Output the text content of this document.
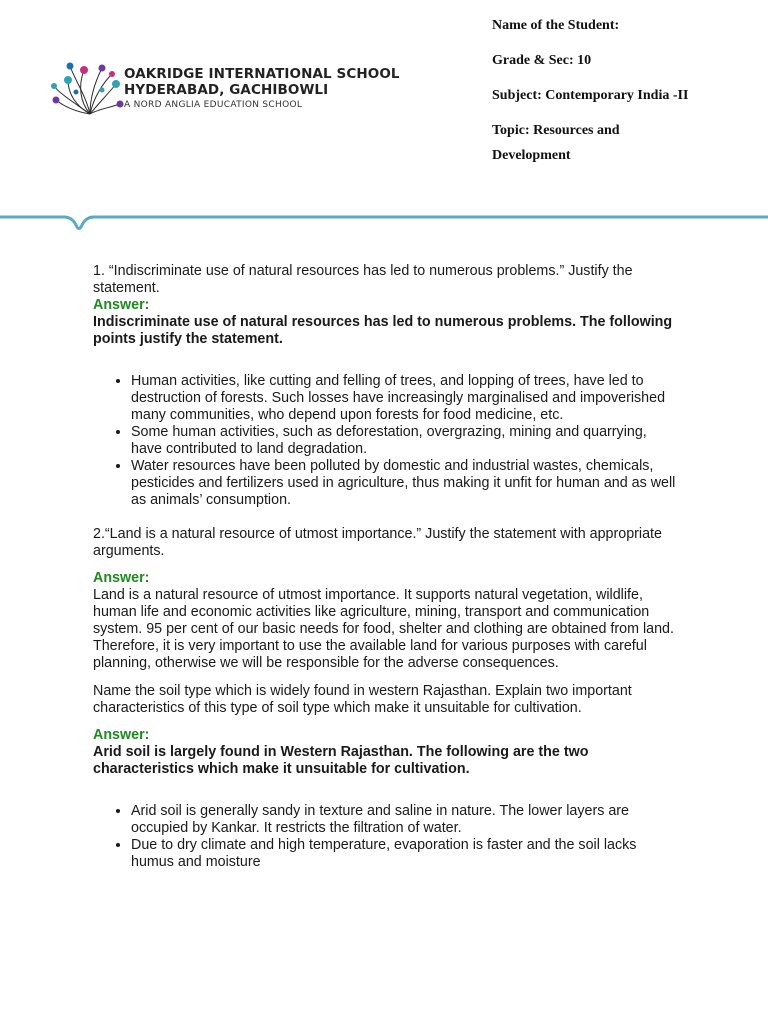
OAKRIDGE INTERNATIONAL SCHOOL
HYDERABAD, GACHIBOWLI
A NORD ANGLIA EDUCATION SCHOOL
Name of the Student:
Grade & Sec: 10
Subject: Contemporary India -II
Topic: Resources and
Development

1. “Indiscriminate use of natural resources has led to numerous problems.” Justify the statement.

Answer:

Indiscriminate use of natural resources has led to numerous problems. The following points justify the statement.

• Human activities, like cutting and felling of trees, and lopping of trees, have led to destruction of forests. Such losses have increasingly marginalised and impoverished many communities, who depend upon forests for food medicine, etc.
• Some human activities, such as deforestation, overgrazing, mining and quarrying, have contributed to land degradation.
• Water resources have been polluted by domestic and industrial wastes, chemicals, pesticides and fertilizers used in agriculture, thus making it unfit for human and as well as animals’ consumption.

2.“Land is a natural resource of utmost importance.” Justify the statement with appropriate arguments.

Answer:

Land is a natural resource of utmost importance. It supports natural vegetation, wildlife, human life and economic activities like agriculture, mining, transport and communication system. 95 per cent of our basic needs for food, shelter and clothing are obtained from land. Therefore, it is very important to use the available land for various purposes with careful planning, otherwise we will be responsible for the adverse consequences.

Name the soil type which is widely found in western Rajasthan. Explain two important characteristics of this type of soil type which make it unsuitable for cultivation.

Answer:

Arid soil is largely found in Western Rajasthan. The following are the two characteristics which make it unsuitable for cultivation.

• Arid soil is generally sandy in texture and saline in nature. The lower layers are occupied by Kankar. It restricts the filtration of water.
• Due to dry climate and high temperature, evaporation is faster and the soil lacks humus and moisture
